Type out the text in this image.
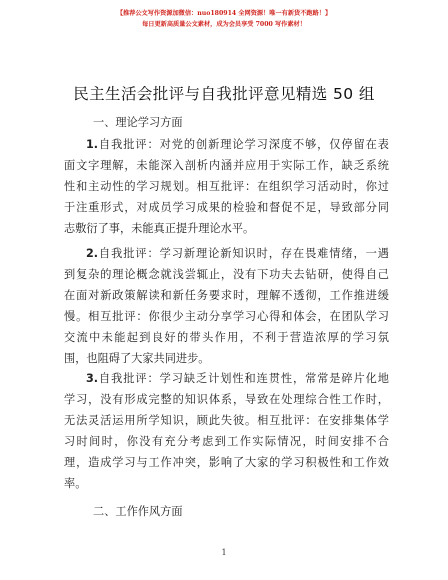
【推荐公文写作资源加微信：nuo180914 全网资源！唯一有新货不跑路！】
每日更新高质量公文素材，成为会员享受 7000 写作素材！
民主生活会批评与自我批评意见精选 50 组
一、理论学习方面
1.自我批评：对党的创新理论学习深度不够，仅停留在表
面文字理解，未能深入剖析内涵并应用于实际工作，缺乏系统
性和主动性的学习规划。相互批评：在组织学习活动时，你过
于注重形式，对成员学习成果的检验和督促不足，导致部分同
志敷衍了事，未能真正提升理论水平。
2.自我批评：学习新理论新知识时，存在畏难情绪，一遇
到复杂的理论概念就浅尝辄止，没有下功夫去钻研，使得自己
在面对新政策解读和新任务要求时，理解不透彻，工作推进缓
慢。相互批评：你很少主动分享学习心得和体会，在团队学习
交流中未能起到良好的带头作用，不利于营造浓厚的学习氛
围，也阻碍了大家共同进步。
3.自我批评：学习缺乏计划性和连贯性，常常是碎片化地
学习，没有形成完整的知识体系，导致在处理综合性工作时，
无法灵活运用所学知识，顾此失彼。相互批评：在安排集体学
习时间时，你没有充分考虑到工作实际情况，时间安排不合
理，造成学习与工作冲突，影响了大家的学习积极性和工作效
率。
二、工作作风方面
1
